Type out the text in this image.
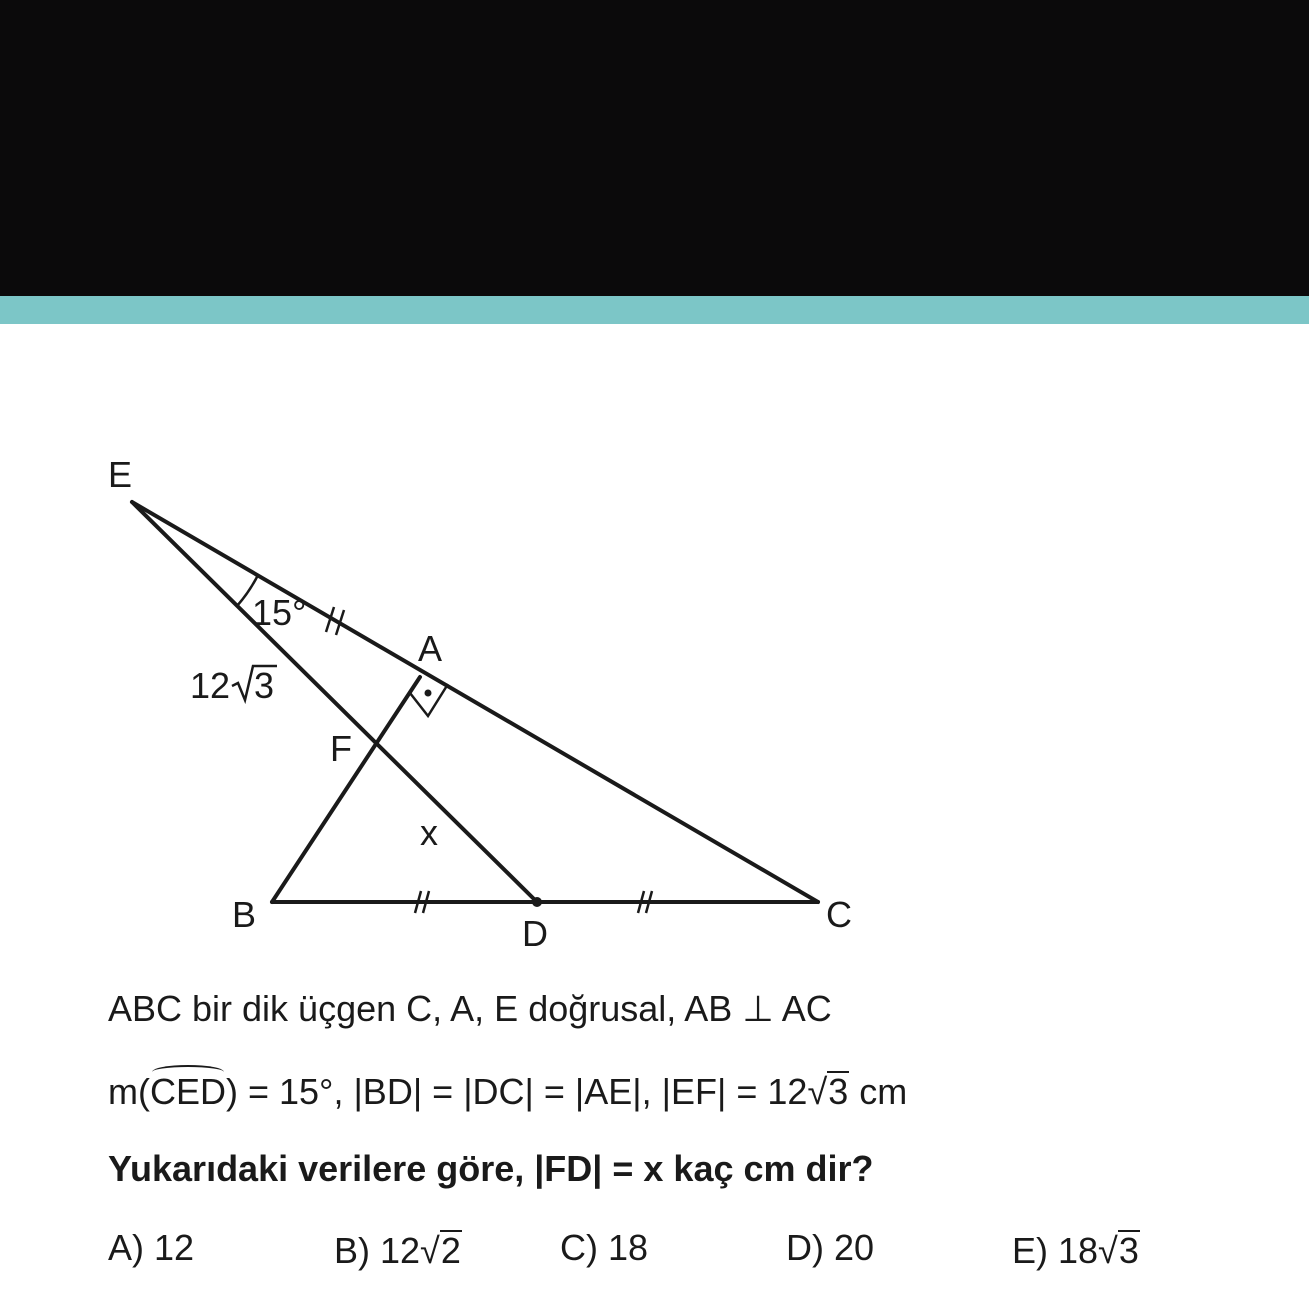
E
A
F
B	D	C
15°
x
12 3
ABC bir dik üçgen C, A, E doğrusal, AB ⊥ AC
m(CED) = 15°, |BD| = |DC| = |AE|, |EF| = 12√3 cm
Yukarıdaki verilere göre, |FD| = x kaç cm dir?
A) 12	B) 12√2	C) 18	D) 20	E) 18√3
